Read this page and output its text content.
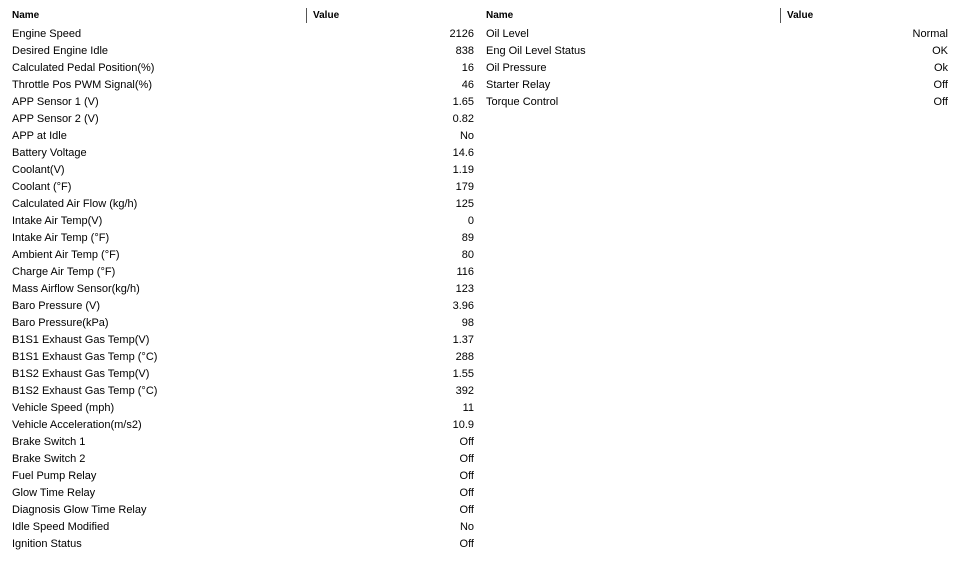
Name	Value
Engine Speed	2126
Desired Engine Idle	838
Calculated Pedal Position(%)	16
Throttle Pos PWM Signal(%)	46
APP Sensor 1 (V)	1.65
APP Sensor 2 (V)	0.82
APP at Idle	No
Battery Voltage	14.6
Coolant(V)	1.19
Coolant (°F)	179
Calculated Air Flow (kg/h)	125
Intake Air Temp(V)	0
Intake Air Temp (°F)	89
Ambient Air Temp (°F)	80
Charge Air Temp (°F)	116
Mass Airflow Sensor(kg/h)	123
Baro Pressure (V)	3.96
Baro Pressure(kPa)	98
B1S1 Exhaust Gas Temp(V)	1.37
B1S1 Exhaust Gas Temp (°C)	288
B1S2 Exhaust Gas Temp(V)	1.55
B1S2 Exhaust Gas Temp (°C)	392
Vehicle Speed (mph)	11
Vehicle Acceleration(m/s2)	10.9
Brake Switch 1	Off
Brake Switch 2	Off
Fuel Pump Relay	Off
Glow Time Relay	Off
Diagnosis Glow Time Relay	Off
Idle Speed Modified	No
Ignition Status	Off
Name	Value
Oil Level	Normal
Eng Oil Level Status	OK
Oil Pressure	Ok
Starter Relay	Off
Torque Control	Off
